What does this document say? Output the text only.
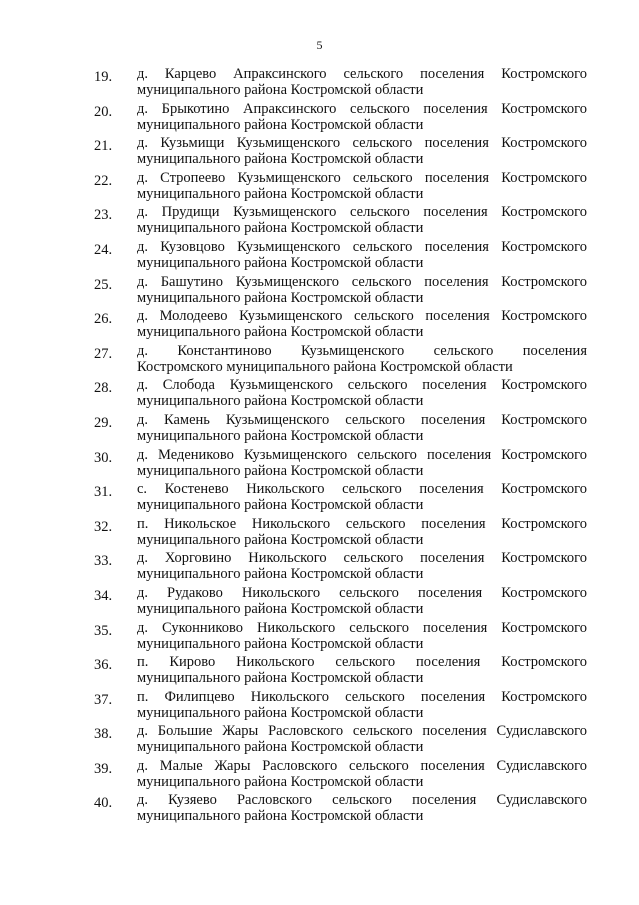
5
19.	д. Карцево Апраксинского сельского поселения Костромского
муниципального района Костромской области
20.	д. Брыкотино Апраксинского сельского поселения Костромского
муниципального района Костромской области
21.	д. Кузьмищи Кузьмищенского сельского поселения Костромского
муниципального района Костромской области
22.	д. Стропеево Кузьмищенского сельского поселения Костромского
муниципального района Костромской области
23.	д. Прудищи Кузьмищенского сельского поселения Костромского
муниципального района Костромской области
24.	д. Кузовцово Кузьмищенского сельского поселения Костромского
муниципального района Костромской области
25.	д. Башутино Кузьмищенского сельского поселения Костромского
муниципального района Костромской области
26.	д. Молодеево Кузьмищенского сельского поселения Костромского
муниципального района Костромской области
27.	д. Константиново Кузьмищенского сельского поселения
Костромского муниципального района Костромской области
28.	д. Слобода Кузьмищенского сельского поселения Костромского
муниципального района Костромской области
29.	д. Камень Кузьмищенского сельского поселения Костромского
муниципального района Костромской области
30.	д. Медениково Кузьмищенского сельского поселения Костромского
муниципального района Костромской области
31.	с. Костенево Никольского сельского поселения Костромского
муниципального района Костромской области
32.	п. Никольское Никольского сельского поселения Костромского
муниципального района Костромской области
33.	д. Хорговино Никольского сельского поселения Костромского
муниципального района Костромской области
34.	д. Рудаково Никольского сельского поселения Костромского
муниципального района Костромской области
35.	д. Суконниково Никольского сельского поселения Костромского
муниципального района Костромской области
36.	п. Кирово Никольского сельского поселения Костромского
муниципального района Костромской области
37.	п. Филипцево Никольского сельского поселения Костромского
муниципального района Костромской области
38.	д. Большие Жары Расловского сельского поселения Судиславского
муниципального района Костромской области
39.	д. Малые Жары Расловского сельского поселения Судиславского
муниципального района Костромской области
40.	д. Кузяево Расловского сельского поселения Судиславского
муниципального района Костромской области
